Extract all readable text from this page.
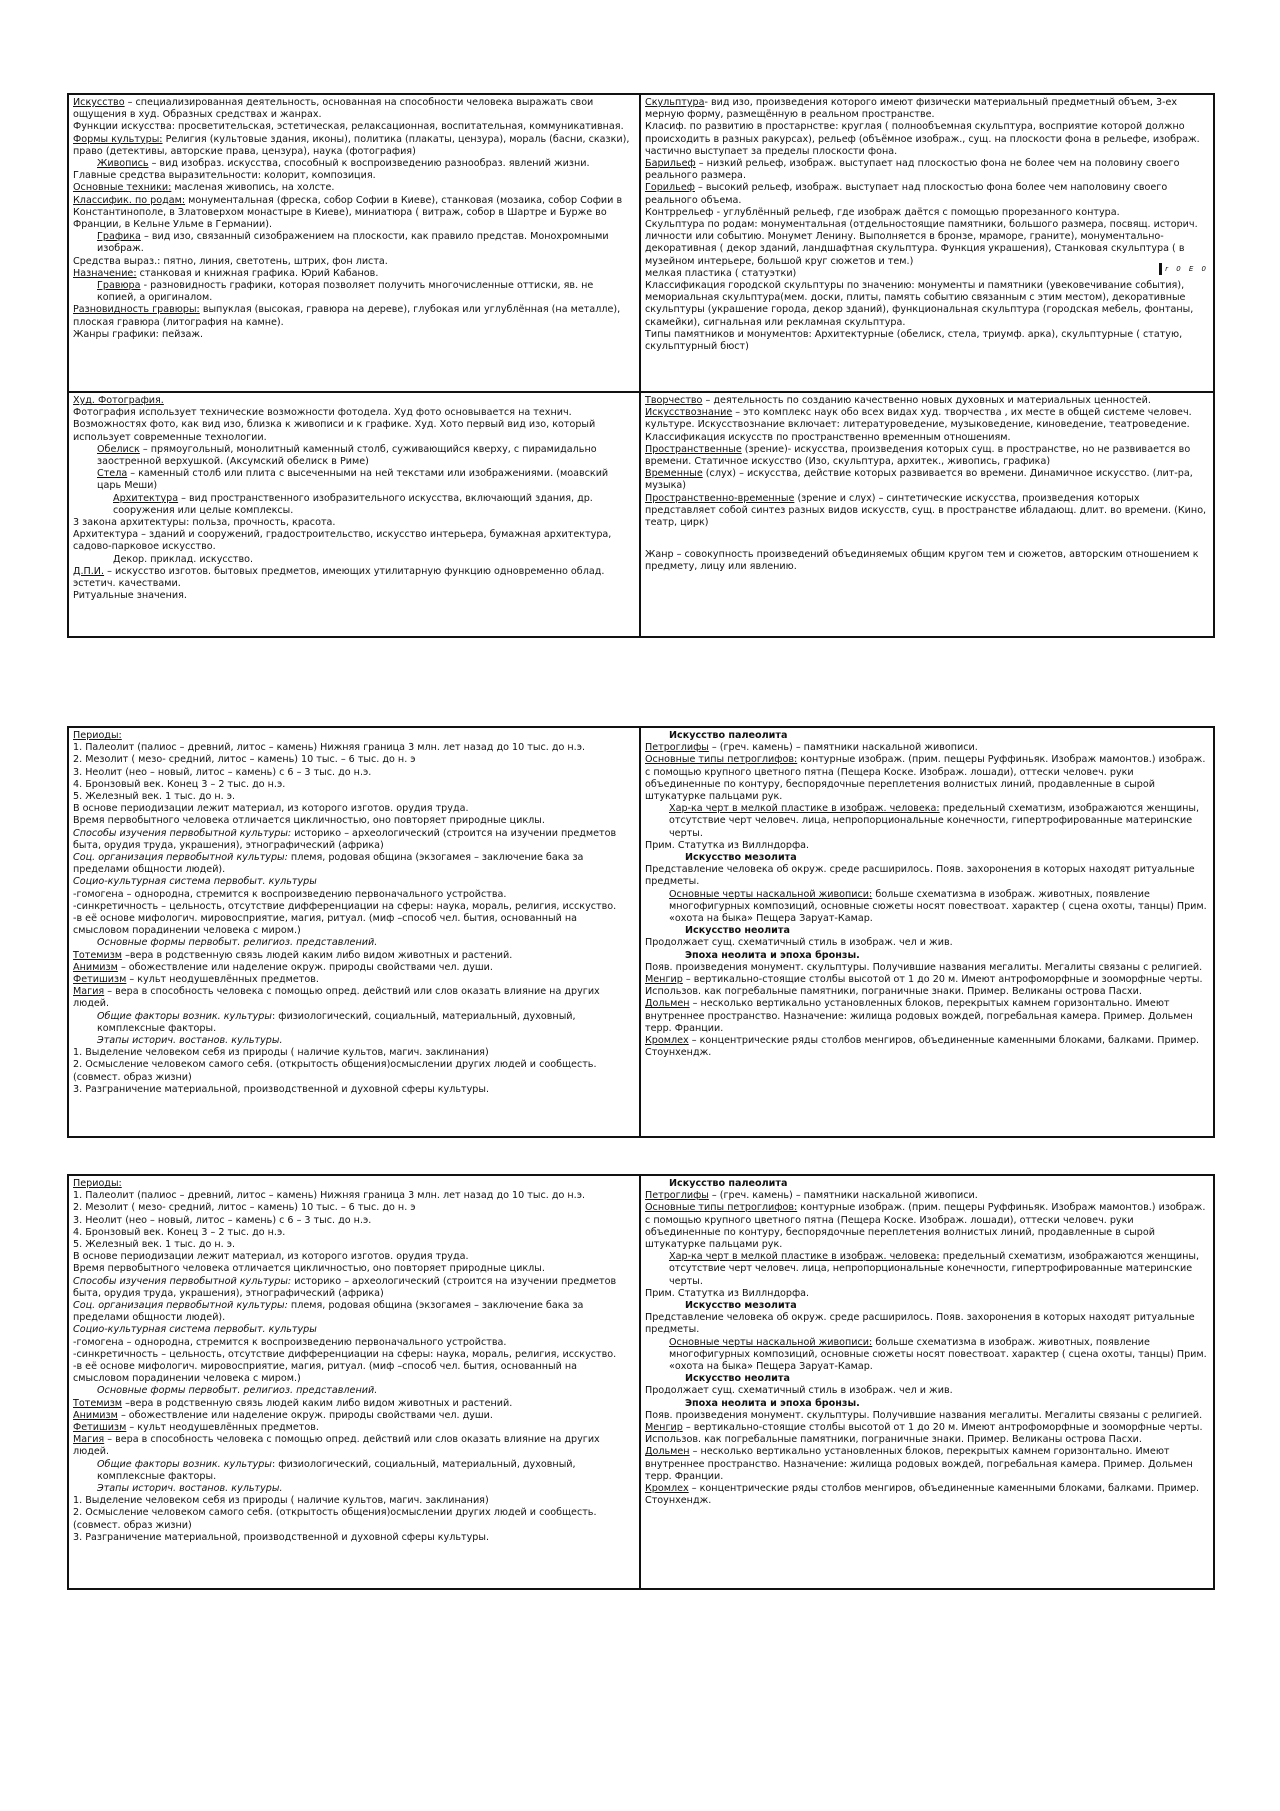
Искусство – специализированная деятельность, основанная на способности человека выражать свои ощущения в худ. Образных средствах и жанрах.

Функции искусства: просветительская, эстетическая, релаксационная, воспитательная, коммуникативная.

Формы культуры: Религия (культовые здания, иконы), политика (плакаты, цензура), мораль (басни, сказки), право (детективы, авторские права, цензура), наука (фотография)

Живопись – вид изобраз. искусства, способный к воспроизведению разнообраз. явлений жизни.

Главные средства выразительности: колорит, композиция.

Основные техники: масленая живопись, на холсте.

Классифик. по родам: монументальная (фреска, собор Софии в Киеве), станковая (мозаика, собор Софии в Константинополе, в Златоверхом монастыре в Киеве), миниатюра ( витраж, собор в Шартре и Бурже во Франции, в Кельне Ульме в Германии).

Графика – вид изо, связанный сизображением на плоскости, как правило представ. Монохромными изображ.

Средства выраз.: пятно, линия, светотень, штрих, фон листа.

Назначение: станковая и книжная графика. Юрий Кабанов.

Гравюра - разновидность графики, которая позволяет получить многочисленные оттиски, яв. не копией, а оригиналом.

Разновидность гравюры: выпуклая (высокая, гравюра на дереве), глубокая или углублённая (на металле), плоская гравюра (литография на камне).

Жанры графики: пейзаж.

Скульптура- вид изо, произведения которого имеют физически материальный предметный объем, 3-ех мерную форму, размещённую в реальном пространстве.

Класиф. по развитию в простарнстве: круглая ( полнообъемная скульптура, восприятие которой должно происходить в разных ракурсах), рельеф (объёмное изображ., сущ. на плоскости фона в рельефе, изображ. частично выступает за пределы плоскости фона.

Барильеф – низкий рельеф, изображ. выступает над плоскостью фона не более чем на половину своего реального размера.

Горильеф – высокий рельеф, изображ. выступает над плоскостью фона более чем наполовину своего реального объема.

Контррельеф - углублённый рельеф, где изображ даётся с помощью прорезанного контура.

Скульптура по родам: монументальная (отдельностоящие памятники, большого размера, посвящ. историч. личности или событию. Монумет Ленину. Выполняется в бронзе, мраморе, граните), монументально-декоративная ( декор зданий, ландшафтная скульптура. Функция украшения), Станковая скульптура ( в музейном интерьере, большой круг сюжетов и тем.)

мелкая пластика ( статуэтки)

Классификация городской скульптуры по значению: монументы и памятники (увековечивание события), мемориальная скульптура(мем. доски, плиты, память событию связанным с этим местом), декоративные скульптуры (украшение города, декор зданий), функциональная скульптура (городская мебель, фонтаны, скамейки), сигнальная или рекламная скульптура.

Типы памятников и монументов: Архитектурные (обелиск, стела, триумф. арка), скульптурные ( статую, скульптурный бюст)

r 0 E 0

Худ. Фотография.

Фотография использует технические возможности фотодела. Худ фото основывается на технич. Возможностях фото, как вид изо, близка к живописи и к графике. Худ. Хото первый вид изо, который использует современные технологии.

Обелиск – прямоугольный, монолитный каменный столб, суживающийся кверху, с пирамидально заостренной верхушкой. (Аксумский обелиск в Риме)

Стела – каменный столб или плита с высеченными на ней текстами или изображениями. (моавский царь Меши)

Архитектура – вид пространственного изобразительного искусства, включающий здания, др. сооружения или целые комплексы.

3 закона архитектуры: польза, прочность, красота.

Архитектура – зданий и сооружений, градостроительство, искусство интерьера, бумажная архитектура, садово-парковое искусство.

Декор. приклад. искусство.

Д.П.И. – искусство изготов. бытовых предметов, имеющих утилитарную функцию одновременно облад. эстетич. качествами.

Ритуальные значения.

Творчество – деятельность по созданию качественно новых духовных и материальных ценностей.

Искусствознание – это комплекс наук обо всех видах худ. творчества , их месте в общей системе человеч. культуре. Искусствознание включает: литературоведение, музыковедение, киноведение, театроведение.

Классификация искусств по пространственно временным отношениям.

Пространственные (зрение)- искусства, произведения которых сущ. в пространстве, но не развивается во времени. Статичное искусство (Изо, скульптура, архитек., живопись, графика)

Временные (слух) – искусства, действие которых развивается во времени. Динамичное искусство. (лит-ра, музыка)

Пространственно-временные (зрение и слух) – синтетические искусства, произведения которых представляет собой синтез разных видов искусств, сущ. в пространстве ибладающ. длит. во времени. (Кино, театр, цирк)

Жанр – совокупность произведений объединяемых общим кругом тем и сюжетов, авторским отношением к предмету, лицу или явлению.

Периоды:

1. Палеолит (палиос – древний, литос – камень) Нижняя граница 3 млн. лет назад до 10 тыс. до н.э.

2. Мезолит ( мезо- средний, литос – камень) 10 тыс. – 6 тыс. до н. э

3. Неолит (нео – новый, литос – камень) с 6 – 3 тыс. до н.э.

4. Бронзовый век. Конец 3 – 2 тыс. до н.э.

5. Железный век. 1 тыс. до н. э.

В основе периодизации лежит материал, из которого изготов. орудия труда.

Время первобытного человека отличается цикличностью, оно повторяет природные циклы.

Способы изучения первобытной культуры: историко – археологический (строится на изучении предметов быта, орудия труда, украшения), этнографический (африка)

Соц. организация первобытной культуры: племя, родовая община (экзогамея – заключение бака за пределами общности людей).

Социо-культурная система первобыт. культуры

-гомогена – однородна, стремится к воспроизведению первоначального устройства.

-синкретичность – цельность, отсутствие дифференциации на сферы: наука, мораль, религия, исскуство.

-в её основе мифологич. мировосприятие, магия, ритуал. (миф –способ чел. бытия, основанный на смысловом порадинении человека с миром.)

Основные формы первобыт. религиоз. представлений.

Тотемизм –вера в родственную связь людей каким либо видом животных и растений.

Анимизм – обожествление или наделение окруж. природы свойствами чел. души.

Фетишизм – культ неодушевлённых предметов.

Магия – вера в способность человека с помощью опред. действий или слов оказать влияние на других людей.

Общие факторы возник. культуры: физиологический, социальный, материальный, духовный, комплексные факторы.

Этапы историч. востанов. культуры.

1. Выделение человеком себя из природы ( наличие культов, магич. заклинания)

2. Осмысление человеком самого себя. (открытость общения)осмыслении других людей и сообщесть. (совмест. образ жизни)

3. Разграничение материальной, производственной и духовной сферы культуры.

Искусство палеолита

Петроглифы – (греч. камень) – памятники наскальной живописи.

Основные типы петроглифов: контурные изображ. (прим. пещеры Руффиньяк. Изображ мамонтов.) изображ. с помощью крупного цветного пятна (Пещера Коске. Изображ. лошади), оттески человеч. руки объединенные по контуру, беспорядочные переплетения волнистых линий, продавленные в сырой штукатурке пальцами рук.

Хар-ка черт в мелкой пластике в изображ. человека: предельный схематизм, изображаются женщины, отсутствие черт человеч. лица, непропорциональные конечности, гипертрофированные материнские черты.

Прим. Статутка из Виллндорфа.

Искусство мезолита

Представление человека об окруж. среде расширилось. Появ. захоронения в которых находят ритуальные предметы.

Основные черты наскальной живописи: больше схематизма в изображ. животных, появление многофигурных композиций, основные сюжеты носят повествоат. характер ( сцена охоты, танцы) Прим. «охота на быка» Пещера Заруат-Камар.

Искусство неолита

Продолжает сущ. схематичный стиль в изображ. чел и жив.

Эпоха неолита и эпоха бронзы.

Появ. произведения монумент. скульптуры. Получившие названия мегалиты. Мегалиты связаны с религией.

Менгир – вертикально-стоящие столбы высотой от 1 до 20 м. Имеют антрофоморфные и зооморфные черты. Использов. как погребальные памятники, пограничные знаки. Пример. Великаны острова Пасхи.

Дольмен – несколько вертикально установленных блоков, перекрытых камнем горизонтально. Имеют внутреннее пространство. Назначение: жилища родовых вождей, погребальная камера. Пример. Дольмен терр. Франции.

Кромлех – концентрические ряды столбов менгиров, объединенные каменными блоками, балками. Пример. Стоунхендж.

Периоды:

1. Палеолит (палиос – древний, литос – камень) Нижняя граница 3 млн. лет назад до 10 тыс. до н.э.

2. Мезолит ( мезо- средний, литос – камень) 10 тыс. – 6 тыс. до н. э

3. Неолит (нео – новый, литос – камень) с 6 – 3 тыс. до н.э.

4. Бронзовый век. Конец 3 – 2 тыс. до н.э.

5. Железный век. 1 тыс. до н. э.

В основе периодизации лежит материал, из которого изготов. орудия труда.

Время первобытного человека отличается цикличностью, оно повторяет природные циклы.

Способы изучения первобытной культуры: историко – археологический (строится на изучении предметов быта, орудия труда, украшения), этнографический (африка)

Соц. организация первобытной культуры: племя, родовая община (экзогамея – заключение бака за пределами общности людей).

Социо-культурная система первобыт. культуры

-гомогена – однородна, стремится к воспроизведению первоначального устройства.

-синкретичность – цельность, отсутствие дифференциации на сферы: наука, мораль, религия, исскуство.

-в её основе мифологич. мировосприятие, магия, ритуал. (миф –способ чел. бытия, основанный на смысловом порадинении человека с миром.)

Основные формы первобыт. религиоз. представлений.

Тотемизм –вера в родственную связь людей каким либо видом животных и растений.

Анимизм – обожествление или наделение окруж. природы свойствами чел. души.

Фетишизм – культ неодушевлённых предметов.

Магия – вера в способность человека с помощью опред. действий или слов оказать влияние на других людей.

Общие факторы возник. культуры: физиологический, социальный, материальный, духовный, комплексные факторы.

Этапы историч. востанов. культуры.

1. Выделение человеком себя из природы ( наличие культов, магич. заклинания)

2. Осмысление человеком самого себя. (открытость общения)осмыслении других людей и сообщесть. (совмест. образ жизни)

3. Разграничение материальной, производственной и духовной сферы культуры.

Искусство палеолита

Петроглифы – (греч. камень) – памятники наскальной живописи.

Основные типы петроглифов: контурные изображ. (прим. пещеры Руффиньяк. Изображ мамонтов.) изображ. с помощью крупного цветного пятна (Пещера Коске. Изображ. лошади), оттески человеч. руки объединенные по контуру, беспорядочные переплетения волнистых линий, продавленные в сырой штукатурке пальцами рук.

Хар-ка черт в мелкой пластике в изображ. человека: предельный схематизм, изображаются женщины, отсутствие черт человеч. лица, непропорциональные конечности, гипертрофированные материнские черты.

Прим. Статутка из Виллндорфа.

Искусство мезолита

Представление человека об окруж. среде расширилось. Появ. захоронения в которых находят ритуальные предметы.

Основные черты наскальной живописи: больше схематизма в изображ. животных, появление многофигурных композиций, основные сюжеты носят повествоат. характер ( сцена охоты, танцы) Прим. «охота на быка» Пещера Заруат-Камар.

Искусство неолита

Продолжает сущ. схематичный стиль в изображ. чел и жив.

Эпоха неолита и эпоха бронзы.

Появ. произведения монумент. скульптуры. Получившие названия мегалиты. Мегалиты связаны с религией.

Менгир – вертикально-стоящие столбы высотой от 1 до 20 м. Имеют антрофоморфные и зооморфные черты. Использов. как погребальные памятники, пограничные знаки. Пример. Великаны острова Пасхи.

Дольмен – несколько вертикально установленных блоков, перекрытых камнем горизонтально. Имеют внутреннее пространство. Назначение: жилища родовых вождей, погребальная камера. Пример. Дольмен терр. Франции.

Кромлех – концентрические ряды столбов менгиров, объединенные каменными блоками, балками. Пример. Стоунхендж.
